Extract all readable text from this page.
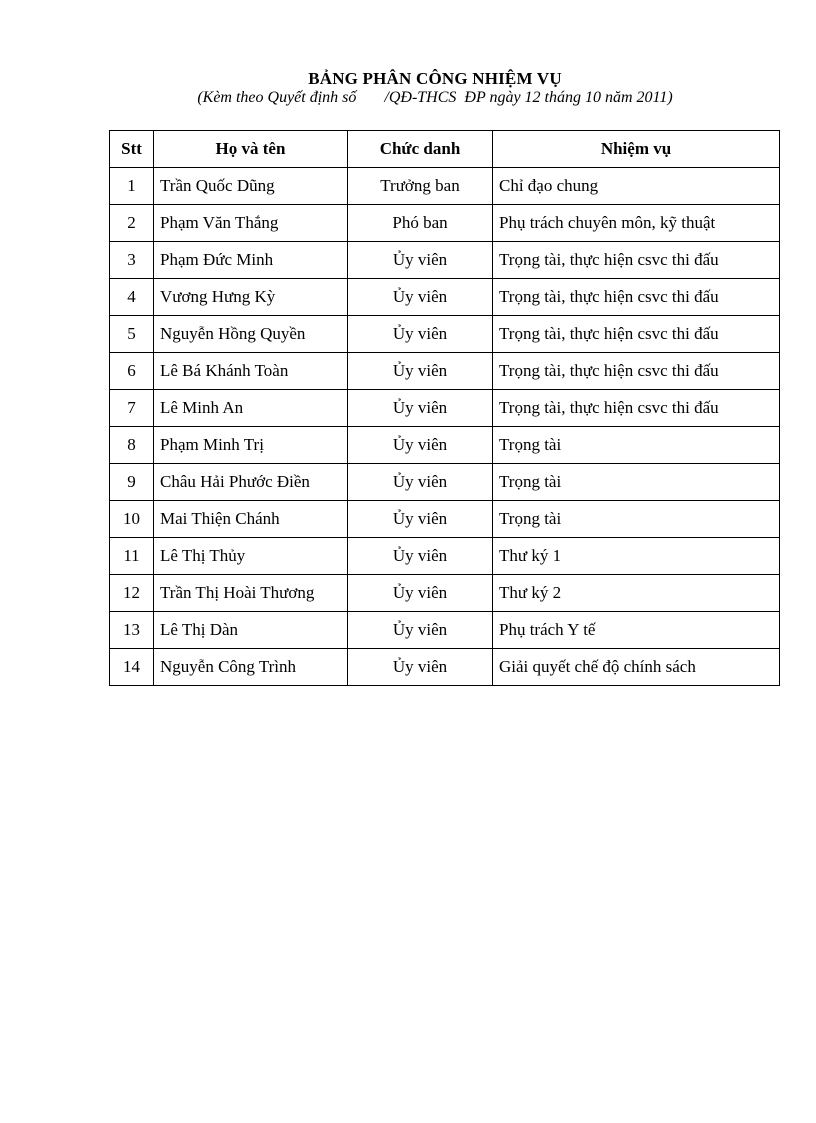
BẢNG PHÂN CÔNG NHIỆM VỤ
(Kèm theo Quyết định số       /QĐ-THCS  ĐP ngày 12 tháng 10 năm 2011)
Stt	Họ và tên	Chức danh	Nhiệm vụ
1	Trần Quốc Dũng	Trưởng ban	Chỉ đạo chung
2	Phạm Văn Thắng	Phó ban	Phụ trách chuyên môn, kỹ thuật
3	Phạm Đức Minh	Ủy viên	Trọng tài, thực hiện csvc thi đấu
4	Vương Hưng Kỳ	Ủy viên	Trọng tài, thực hiện csvc thi đấu
5	Nguyễn Hồng Quyền	Ủy viên	Trọng tài, thực hiện csvc thi đấu
6	Lê Bá Khánh Toàn	Ủy viên	Trọng tài, thực hiện csvc thi đấu
7	Lê Minh An	Ủy viên	Trọng tài, thực hiện csvc thi đấu
8	Phạm Minh Trị	Ủy viên	Trọng tài
9	Châu Hải Phước Điền	Ủy viên	Trọng tài
10	Mai Thiện Chánh	Ủy viên	Trọng tài
11	Lê Thị Thủy	Ủy viên	Thư ký 1
12	Trần Thị Hoài Thương	Ủy viên	Thư ký 2
13	Lê Thị Dàn	Ủy viên	Phụ trách Y tế
14	Nguyễn Công Trình	Ủy viên	Giải quyết chế độ chính sách
